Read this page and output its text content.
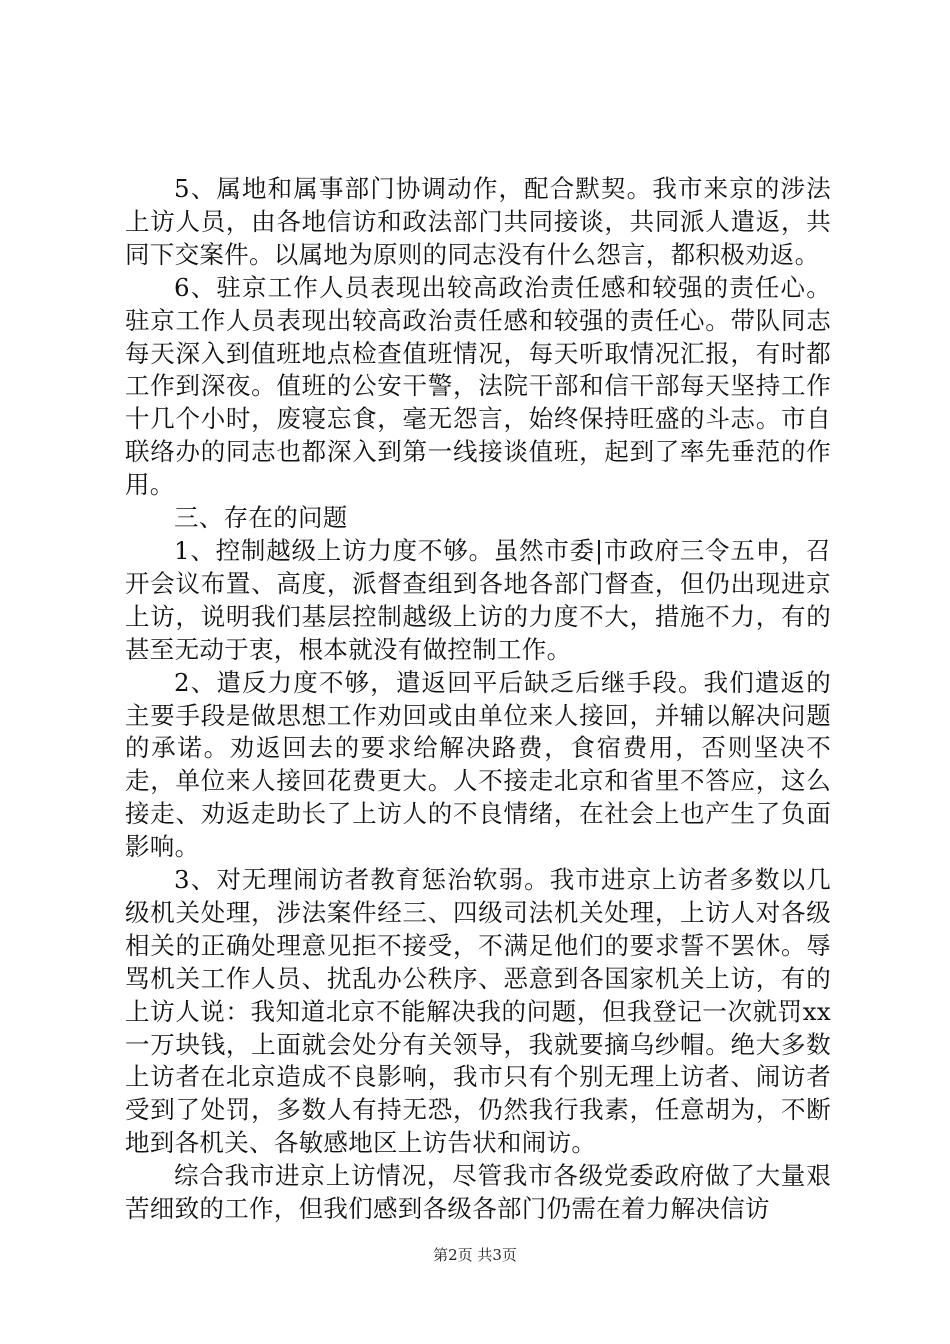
5、属地和属事部门协调动作，配合默契。我市来京的涉法上访人员，由各地信访和政法部门共同接谈，共同派人遣返，共同下交案件。以属地为原则的同志没有什么怨言，都积极劝返。

6、驻京工作人员表现出较高政治责任感和较强的责任心。驻京工作人员表现出较高政治责任感和较强的责任心。带队同志每天深入到值班地点检查值班情况，每天听取情况汇报，有时都工作到深夜。值班的公安干警，法院干部和信干部每天坚持工作十几个小时，废寝忘食，毫无怨言，始终保持旺盛的斗志。市自联络办的同志也都深入到第一线接谈值班，起到了率先垂范的作用。

三、存在的问题

1、控制越级上访力度不够。虽然市委|市政府三令五申，召开会议布置、高度，派督查组到各地各部门督查，但仍出现进京上访，说明我们基层控制越级上访的力度不大，措施不力，有的甚至无动于衷，根本就没有做控制工作。

2、遣反力度不够，遣返回平后缺乏后继手段。我们遣返的主要手段是做思想工作劝回或由单位来人接回，并辅以解决问题的承诺。劝返回去的要求给解决路费，食宿费用，否则坚决不走，单位来人接回花费更大。人不接走北京和省里不答应，这么接走、劝返走助长了上访人的不良情绪，在社会上也产生了负面影响。

3、对无理闹访者教育惩治软弱。我市进京上访者多数以几级机关处理，涉法案件经三、四级司法机关处理，上访人对各级相关的正确处理意见拒不接受，不满足他们的要求誓不罢休。辱骂机关工作人员、扰乱办公秩序、恶意到各国家机关上访，有的上访人说：我知道北京不能解决我的问题，但我登记一次就罚xx一万块钱，上面就会处分有关领导，我就要摘乌纱帽。绝大多数上访者在北京造成不良影响，我市只有个别无理上访者、闹访者受到了处罚，多数人有持无恐，仍然我行我素，任意胡为，不断地到各机关、各敏感地区上访告状和闹访。

综合我市进京上访情况，尽管我市各级党委政府做了大量艰苦细致的工作，但我们感到各级各部门仍需在着力解决信访

第2页 共3页
